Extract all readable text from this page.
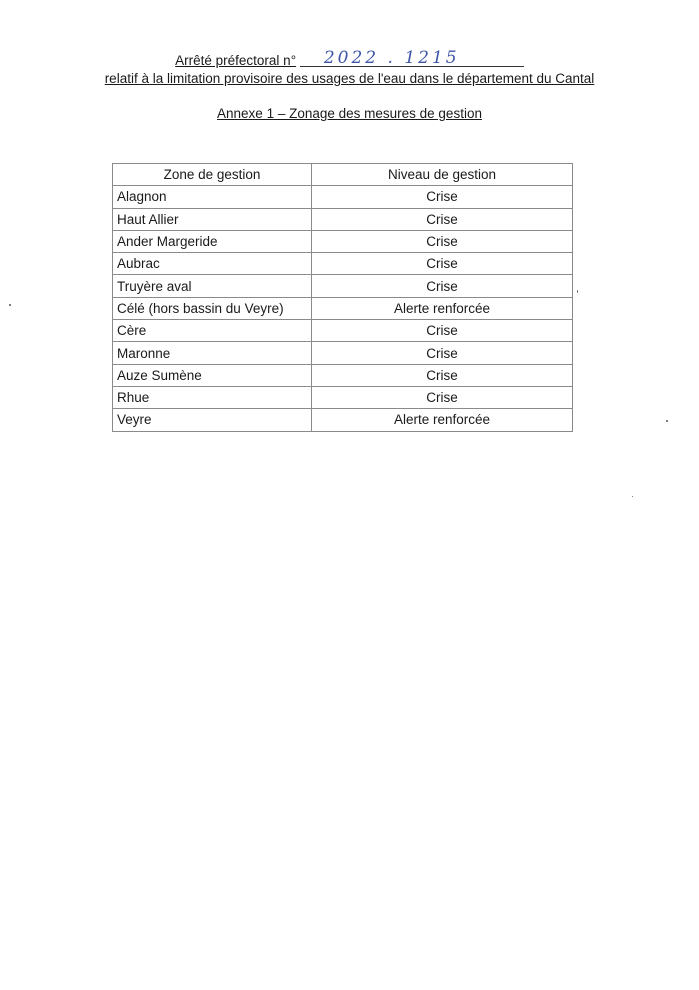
Arrêté préfectoral n° 2022 . 1215
relatif à la limitation provisoire des usages de l'eau dans le département du Cantal
Annexe 1 – Zonage des mesures de gestion
Zone de gestion	Niveau de gestion
Alagnon	Crise
Haut Allier	Crise
Ander Margeride	Crise
Aubrac	Crise
Truyère aval	Crise
Célé (hors bassin du Veyre)	Alerte renforcée
Cère	Crise
Maronne	Crise
Auze Sumène	Crise
Rhue	Crise
Veyre	Alerte renforcée
